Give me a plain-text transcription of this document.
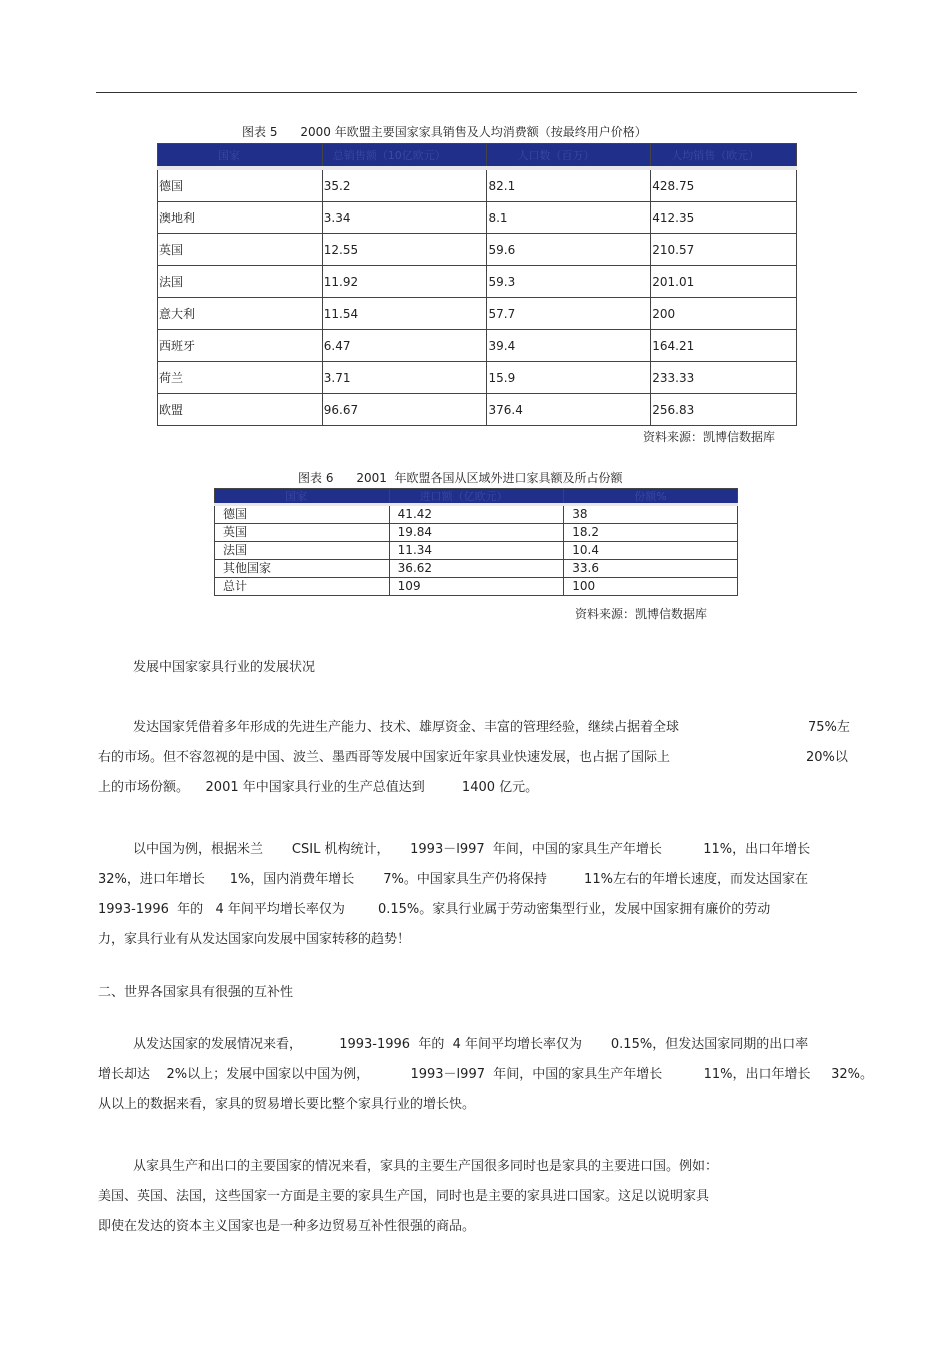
图表 5      2000 年欧盟主要国家家具销售及人均消费额（按最终用户价格）
国家	总销售额（10亿欧元）	人口数（百万）	人均销售（欧元）
德国	35.2	82.1	428.75
澳地利	3.34	8.1	412.35
英国	12.55	59.6	210.57
法国	11.92	59.3	201.01
意大利	11.54	57.7	200
西班牙	6.47	39.4	164.21
荷兰	3.71	15.9	233.33
欧盟	96.67	376.4	256.83
资料来源：凯博信数据库
图表 6      2001  年欧盟各国从区域外进口家具额及所占份额
国家	进口额（亿欧元）	份额%
德国	41.42	38
英国	19.84	18.2
法国	11.34	10.4
其他国家	36.62	33.6
总计	109	100
资料来源：凯博信数据库
发展中国家家具行业的发展状况
发达国家凭借着多年形成的先进生产能力、技术、雄厚资金、丰富的管理经验，继续占据着全球	75%左
右的市场。但不容忽视的是中国、波兰、墨西哥等发展中国家近年家具业快速发展，也占据了国际上	20%以
上的市场份额。    2001 年中国家具行业的生产总值达到         1400 亿元。
以中国为例，根据米兰       CSIL 机构统计，     1993－l997  年间，中国的家具生产年增长          11%，出口年增长
32%，进口年增长      1%，国内消费年增长       7%。中国家具生产仍将保持         11%左右的年增长速度，而发达国家在
1993-1996  年的   4 年间平均增长率仅为        0.15%。家具行业属于劳动密集型行业，发展中国家拥有廉价的劳动
力，家具行业有从发达国家向发展中国家转移的趋势！
二、世界各国家具有很强的互补性
从发达国家的发展情况来看，         1993-1996  年的  4 年间平均增长率仅为       0.15%，但发达国家同期的出口率
增长却达    2%以上；发展中国家以中国为例，          1993－l997  年间，中国的家具生产年增长          11%，出口年增长     32%。
从以上的数据来看，家具的贸易增长要比整个家具行业的增长快。
从家具生产和出口的主要国家的情况来看，家具的主要生产国很多同时也是家具的主要进口国。例如：
美国、英国、法国，这些国家一方面是主要的家具生产国，同时也是主要的家具进口国家。这足以说明家具
即使在发达的资本主义国家也是一种多边贸易互补性很强的商品。
